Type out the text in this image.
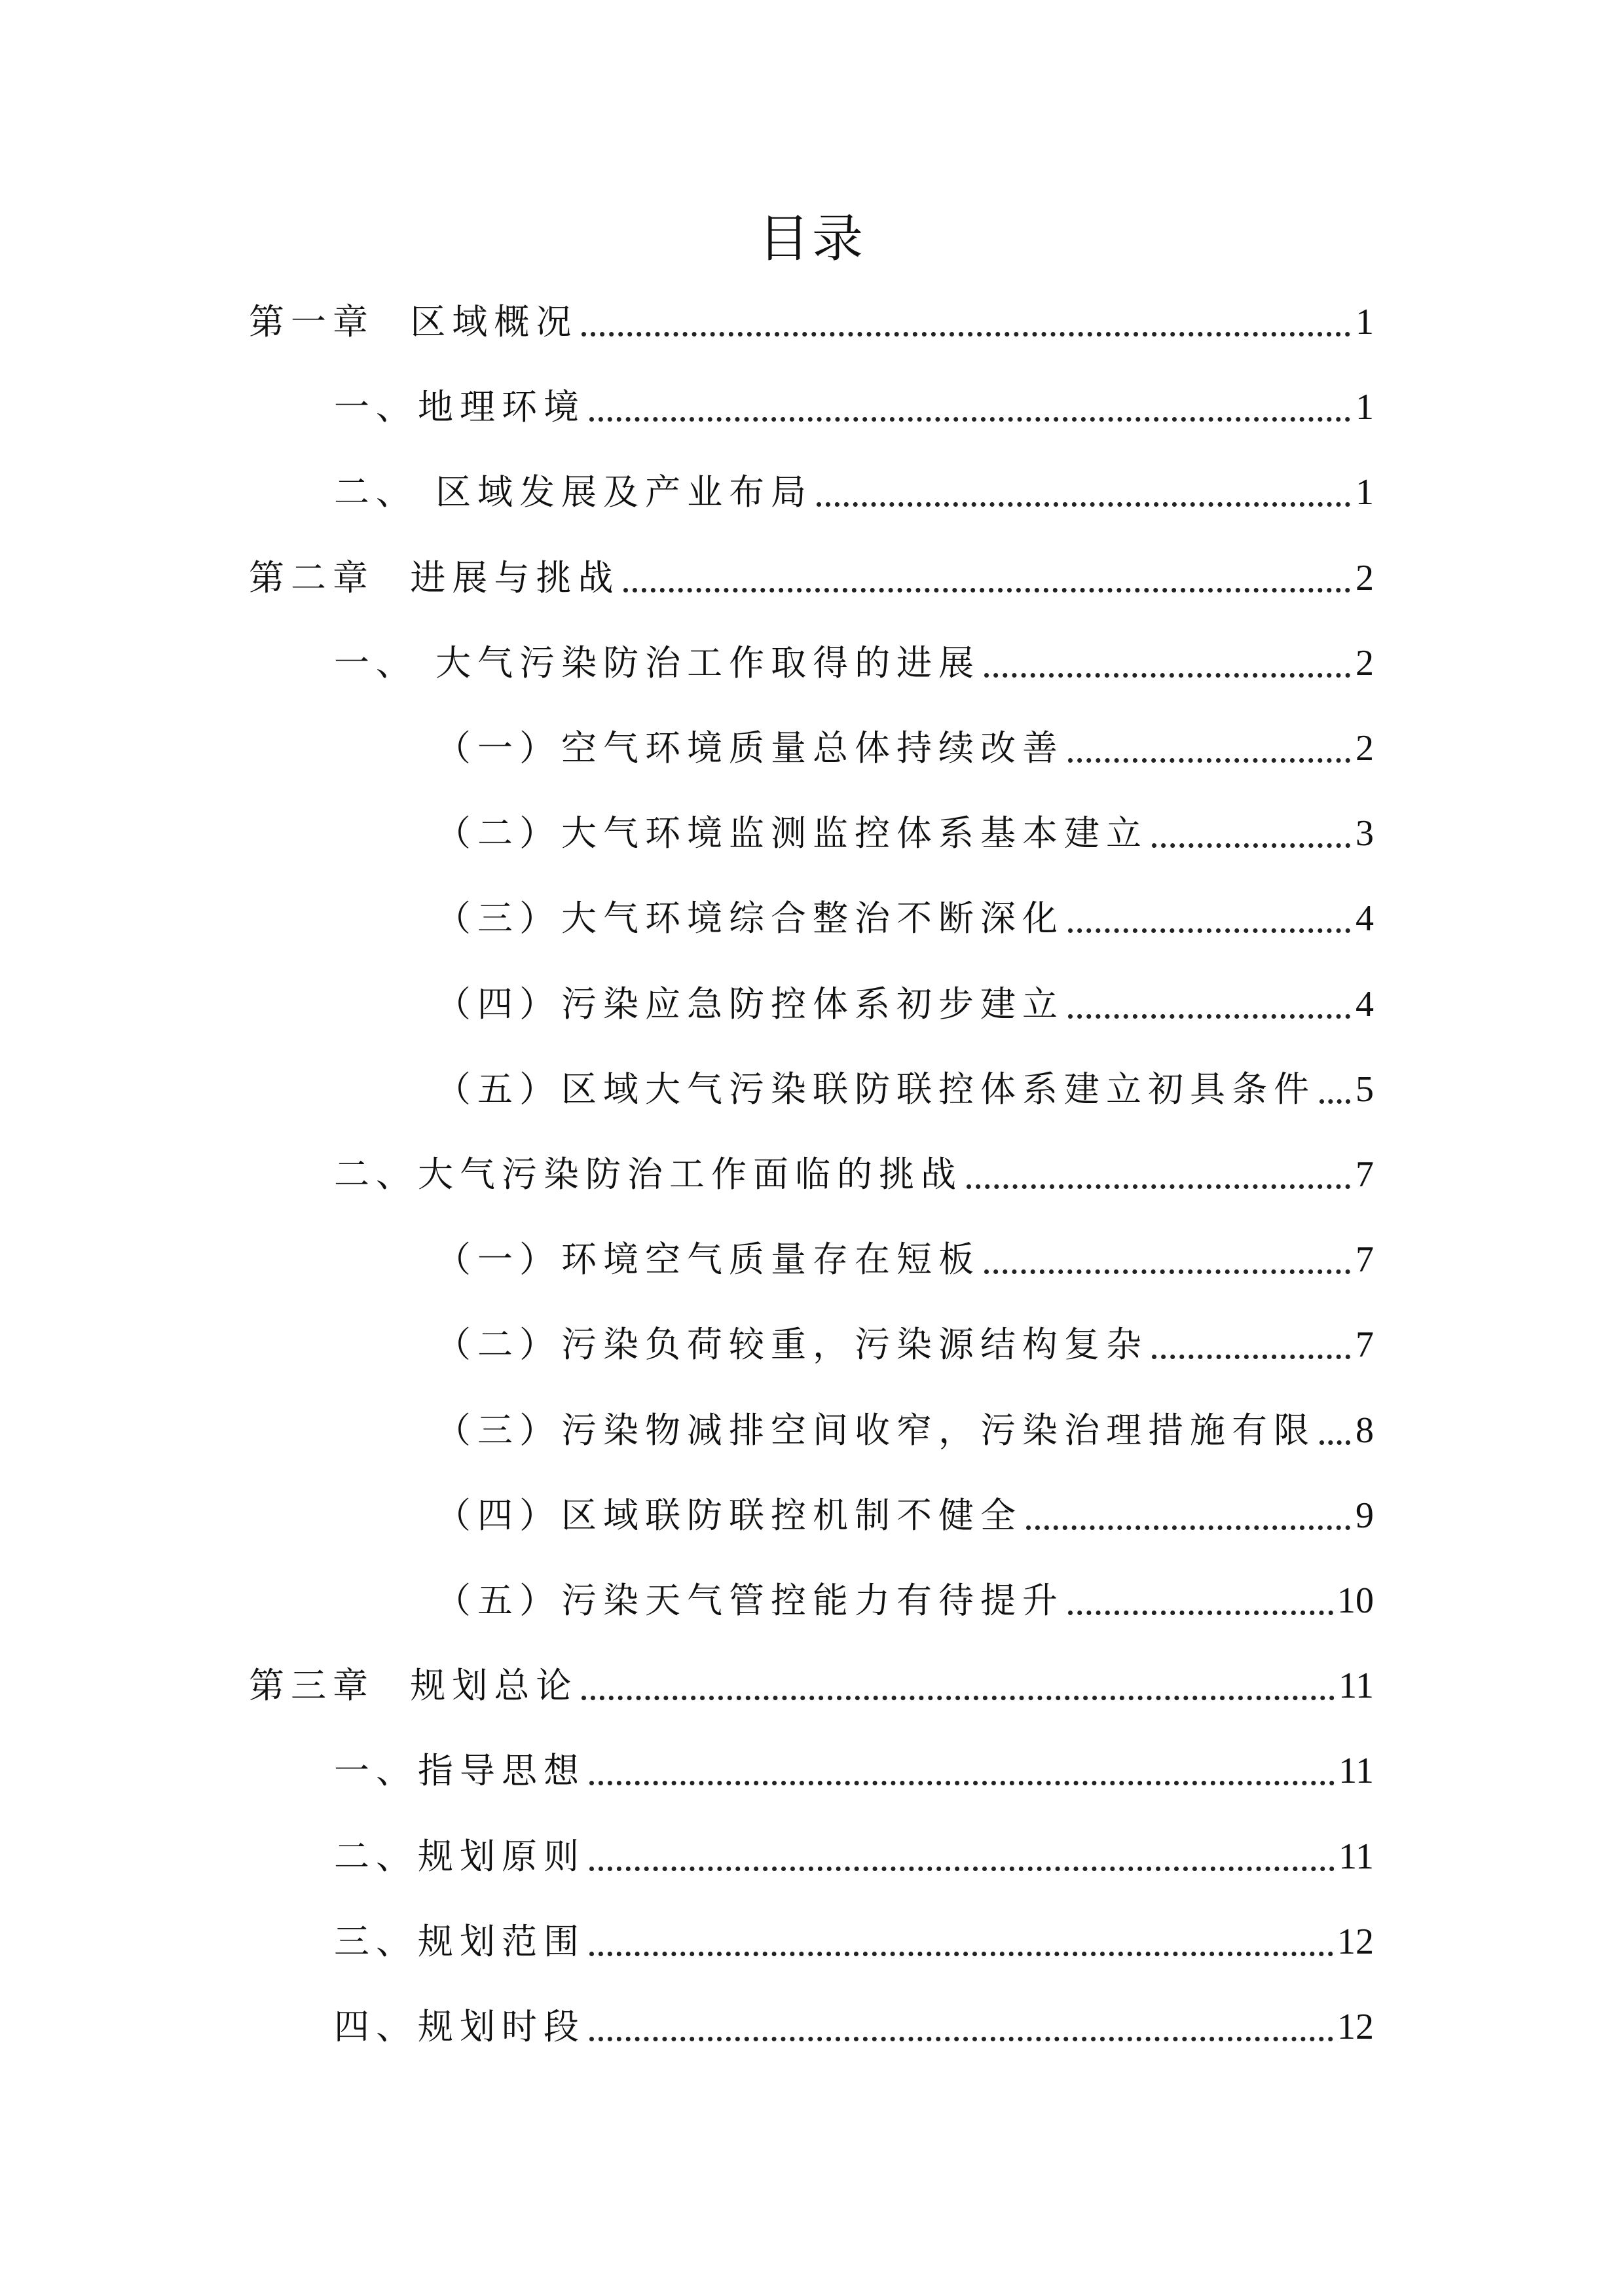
目录
第一章  区域概况	1
一、地理环境	1
二、 区域发展及产业布局	1
第二章  进展与挑战	2
一、 大气污染防治工作取得的进展	2
（一）空气环境质量总体持续改善	2
（二）大气环境监测监控体系基本建立	3
（三）大气环境综合整治不断深化	4
（四）污染应急防控体系初步建立	4
（五）区域大气污染联防联控体系建立初具条件 5
二、大气污染防治工作面临的挑战	7
（一）环境空气质量存在短板	7
（二）污染负荷较重，污染源结构复杂	7
（三）污染物减排空间收窄，污染治理措施有限 8
（四）区域联防联控机制不健全	9
（五）污染天气管控能力有待提升	10
第三章  规划总论	11
一、指导思想	11
二、规划原则	11
三、规划范围	12
四、规划时段	12
